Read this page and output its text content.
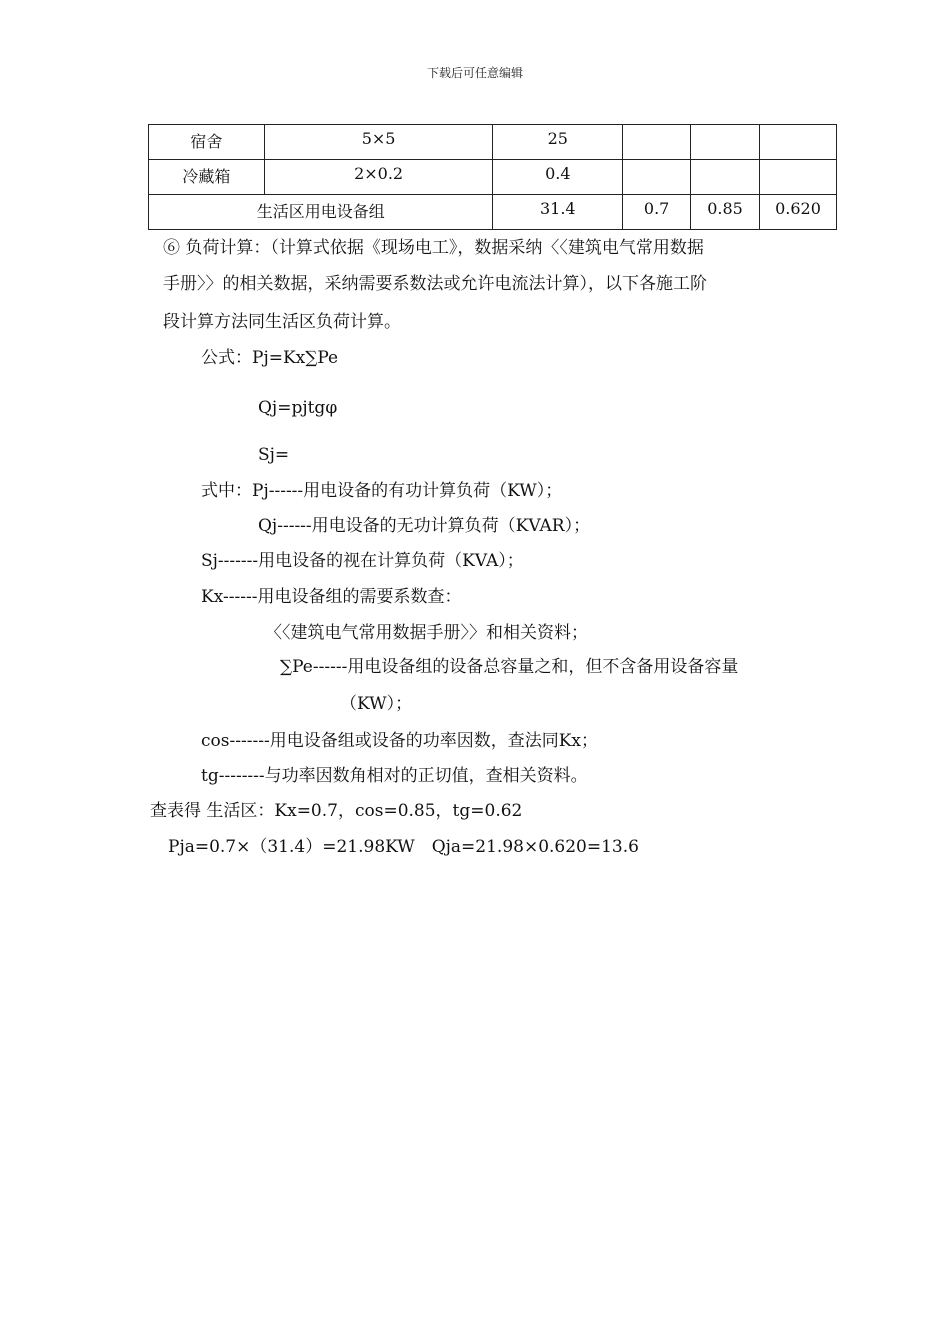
下载后可任意编辑
宿舍	5×5	25			
冷藏箱	2×0.2	0.4			
生活区用电设备组		31.4	0.7	0.85	0.620
⑥ 负荷计算：（计算式依据《现场电工》，数据采纳〈〈建筑电气常用数据
手册〉〉的相关数据，采纳需要系数法或允许电流法计算），以下各施工阶
段计算方法同生活区负荷计算。
公式：Pj=Kx∑Pe
Qj=pjtgφ
Sj=
式中：Pj------用电设备的有功计算负荷（KW）；
Qj------用电设备的无功计算负荷（KVAR）；
Sj-------用电设备的视在计算负荷（KVA）；
Kx------用电设备组的需要系数查：
〈〈建筑电气常用数据手册〉〉和相关资料；
∑Pe------用电设备组的设备总容量之和，但不含备用设备容量
（KW）；
cos-------用电设备组或设备的功率因数，查法同Kx；
tg--------与功率因数角相对的正切值，查相关资料。
查表得 生活区：Kx=0.7，cos=0.85，tg=0.62
Pja=0.7×（31.4）=21.98KW　Qja=21.98×0.620=13.6
